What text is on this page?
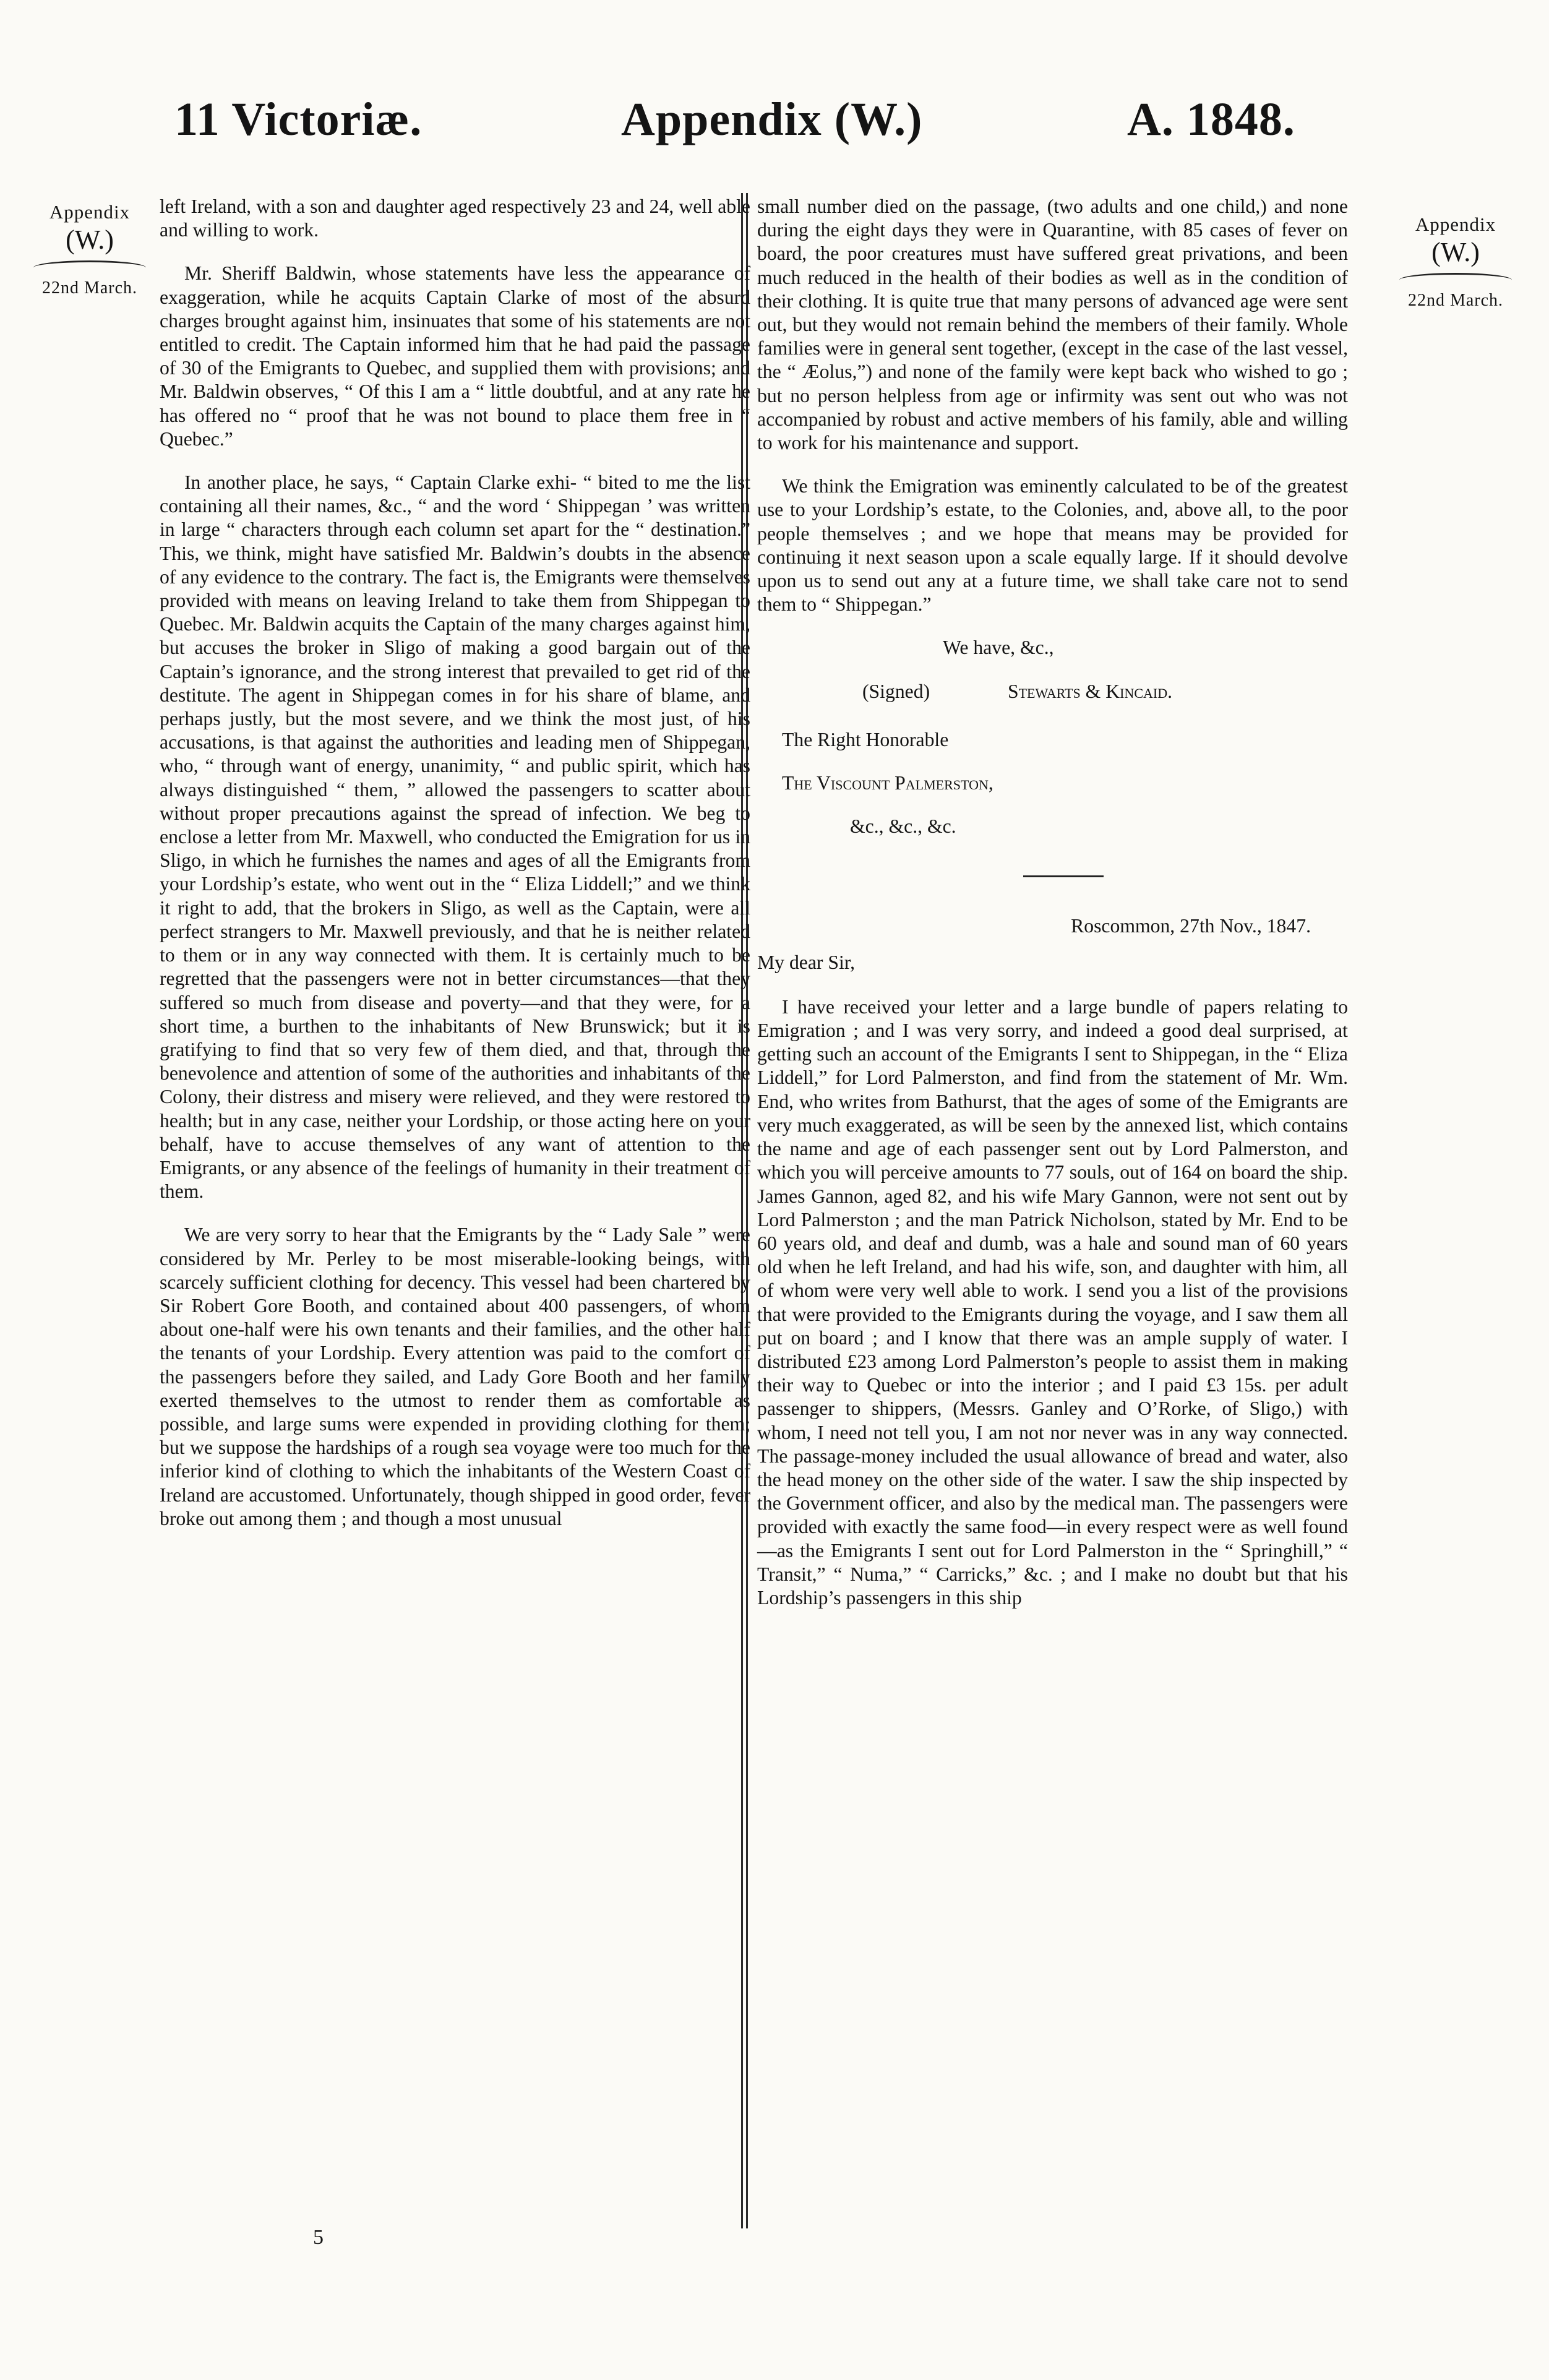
11 Victoriæ.	Appendix (W.)	A. 1848.
Appendix
(W.)
22nd March.
Appendix
(W.)
22nd March.

left Ireland, with a son and daughter aged respectively 23 and 24, well able and willing to work.

Mr. Sheriff Baldwin, whose statements have less the appearance of exaggeration, while he acquits Captain Clarke of most of the absurd charges brought against him, insinuates that some of his statements are not entitled to credit. The Captain informed him that he had paid the passage of 30 of the Emigrants to Quebec, and supplied them with provisions; and Mr. Baldwin observes, “ Of this I am a “ little doubtful, and at any rate he has offered no “ proof that he was not bound to place them free in “ Quebec.”

In another place, he says, “ Captain Clarke exhi- “ bited to me the list containing all their names, &c., “ and the word ‘ Shippegan ’ was written in large “ characters through each column set apart for the “ destination.” This, we think, might have satisfied Mr. Baldwin’s doubts in the absence of any evidence to the contrary. The fact is, the Emigrants were themselves provided with means on leaving Ireland to take them from Shippegan to Quebec. Mr. Baldwin acquits the Captain of the many charges against him, but accuses the broker in Sligo of making a good bargain out of the Captain’s ignorance, and the strong interest that prevailed to get rid of the destitute. The agent in Shippegan comes in for his share of blame, and perhaps justly, but the most severe, and we think the most just, of his accusations, is that against the authorities and leading men of Shippegan, who, “ through want of energy, unanimity, “ and public spirit, which has always distinguished “ them, ” allowed the passengers to scatter about without proper precautions against the spread of infection. We beg to enclose a letter from Mr. Maxwell, who conducted the Emigration for us in Sligo, in which he furnishes the names and ages of all the Emigrants from your Lordship’s estate, who went out in the “ Eliza Liddell;” and we think it right to add, that the brokers in Sligo, as well as the Captain, were all perfect strangers to Mr. Maxwell previously, and that he is neither related to them or in any way connected with them. It is certainly much to be regretted that the passengers were not in better circumstances—that they suffered so much from disease and poverty—and that they were, for a short time, a burthen to the inhabitants of New Brunswick; but it is gratifying to find that so very few of them died, and that, through the benevolence and attention of some of the authorities and inhabitants of the Colony, their distress and misery were relieved, and they were restored to health; but in any case, neither your Lordship, or those acting here on your behalf, have to accuse themselves of any want of attention to the Emigrants, or any absence of the feelings of humanity in their treatment of them.

We are very sorry to hear that the Emigrants by the “ Lady Sale ” were considered by Mr. Perley to be most miserable-looking beings, with scarcely sufficient clothing for decency. This vessel had been chartered by Sir Robert Gore Booth, and contained about 400 passengers, of whom about one-half were his own tenants and their families, and the other half the tenants of your Lordship. Every attention was paid to the comfort of the passengers before they sailed, and Lady Gore Booth and her family exerted themselves to the utmost to render them as comfortable as possible, and large sums were expended in providing clothing for them; but we suppose the hardships of a rough sea voyage were too much for the inferior kind of clothing to which the inhabitants of the Western Coast of Ireland are accustomed. Unfortunately, though shipped in good order, fever broke out among them ; and though a most unusual

small number died on the passage, (two adults and one child,) and none during the eight days they were in Quarantine, with 85 cases of fever on board, the poor creatures must have suffered great privations, and been much reduced in the health of their bodies as well as in the condition of their clothing. It is quite true that many persons of advanced age were sent out, but they would not remain behind the members of their family. Whole families were in general sent together, (except in the case of the last vessel, the “ Æolus,”) and none of the family were kept back who wished to go ; but no person helpless from age or infirmity was sent out who was not accompanied by robust and active members of his family, able and willing to work for his maintenance and support.

We think the Emigration was eminently calculated to be of the greatest use to your Lordship’s estate, to the Colonies, and, above all, to the poor people themselves ; and we hope that means may be provided for continuing it next season upon a scale equally large. If it should devolve upon us to send out any at a future time, we shall take care not to send them to “ Shippegan.”

We have, &c.,

(Signed)	Stewarts & Kincaid.

The Right Honorable

The Viscount Palmerston,

&c., &c., &c.

Roscommon, 27th Nov., 1847.

My dear Sir,

I have received your letter and a large bundle of papers relating to Emigration ; and I was very sorry, and indeed a good deal surprised, at getting such an account of the Emigrants I sent to Shippegan, in the “ Eliza Liddell,” for Lord Palmerston, and find from the statement of Mr. Wm. End, who writes from Bathurst, that the ages of some of the Emigrants are very much exaggerated, as will be seen by the annexed list, which contains the name and age of each passenger sent out by Lord Palmerston, and which you will perceive amounts to 77 souls, out of 164 on board the ship. James Gannon, aged 82, and his wife Mary Gannon, were not sent out by Lord Palmerston ; and the man Patrick Nicholson, stated by Mr. End to be 60 years old, and deaf and dumb, was a hale and sound man of 60 years old when he left Ireland, and had his wife, son, and daughter with him, all of whom were very well able to work. I send you a list of the provisions that were provided to the Emigrants during the voyage, and I saw them all put on board ; and I know that there was an ample supply of water. I distributed £23 among Lord Palmerston’s people to assist them in making their way to Quebec or into the interior ; and I paid £3 15s. per adult passenger to shippers, (Messrs. Ganley and O’Rorke, of Sligo,) with whom, I need not tell you, I am not nor never was in any way connected. The passage-money included the usual allowance of bread and water, also the head money on the other side of the water. I saw the ship inspected by the Government officer, and also by the medical man. The passengers were provided with exactly the same food—in every respect were as well found—as the Emigrants I sent out for Lord Palmerston in the “ Springhill,” “ Transit,” “ Numa,” “ Carricks,” &c. ; and I make no doubt but that his Lordship’s passengers in this ship

5
